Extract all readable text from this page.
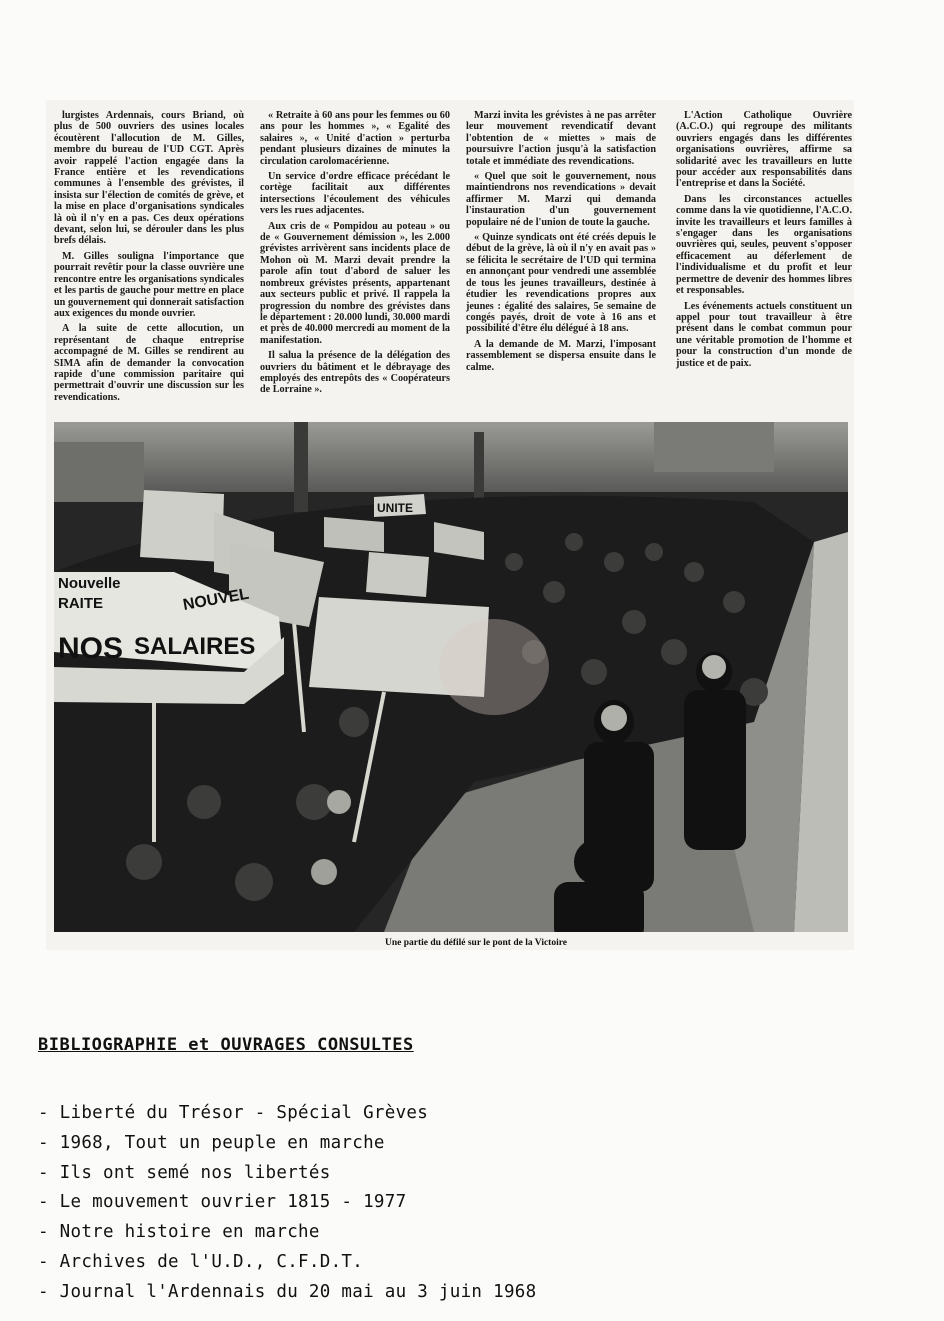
lurgistes Ardennais, cours Briand, où plus de 500 ouvriers des usines locales écoutèrent l'allocution de M. Gilles, membre du bureau de l'UD CGT. Après avoir rappelé l'action engagée dans la France entière et les revendications communes à l'ensemble des grévistes, il insista sur l'élection de comités de grève, et la mise en place d'organisations syndicales là où il n'y en a pas. Ces deux opérations devant, selon lui, se dérouler dans les plus brefs délais.

M. Gilles souligna l'importance que pourrait revêtir pour la classe ouvrière une rencontre entre les organisations syndicales et les partis de gauche pour mettre en place un gouvernement qui donnerait satisfaction aux exigences du monde ouvrier.

A la suite de cette allocution, un représentant de chaque entreprise accompagné de M. Gilles se rendirent au SIMA afin de demander la convocation rapide d'une commission paritaire qui permettrait d'ouvrir une discussion sur les revendications.

« Retraite à 60 ans pour les femmes ou 60 ans pour les hommes », « Egalité des salaires », « Unité d'action » perturba pendant plusieurs dizaines de minutes la circulation carolomacérienne.

Un service d'ordre efficace précédant le cortège facilitait aux différentes intersections l'écoulement des véhicules vers les rues adjacentes.

Aux cris de « Pompidou au poteau » ou de « Gouvernement démission », les 2.000 grévistes arrivèrent sans incidents place de Mohon où M. Marzi devait prendre la parole afin tout d'abord de saluer les nombreux grévistes présents, appartenant aux secteurs public et privé. Il rappela la progression du nombre des grévistes dans le département : 20.000 lundi, 30.000 mardi et près de 40.000 mercredi au moment de la manifestation.

Il salua la présence de la délégation des ouvriers du bâtiment et le débrayage des employés des entrepôts des « Coopérateurs de Lorraine ».

Marzi invita les grévistes à ne pas arrêter leur mouvement revendicatif devant l'obtention de « miettes » mais de poursuivre l'action jusqu'à la satisfaction totale et immédiate des revendications.

« Quel que soit le gouvernement, nous maintiendrons nos revendications » devait affirmer M. Marzi qui demanda l'instauration d'un gouvernement populaire né de l'union de toute la gauche.

« Quinze syndicats ont été créés depuis le début de la grève, là où il n'y en avait pas » se félicita le secrétaire de l'UD qui termina en annonçant pour vendredi une assemblée de tous les jeunes travailleurs, destinée à étudier les revendications propres aux jeunes : égalité des salaires, 5e semaine de congés payés, droit de vote à 16 ans et possibilité d'être élu délégué à 18 ans.

A la demande de M. Marzi, l'imposant rassemblement se dispersa ensuite dans le calme.

L'Action Catholique Ouvrière (A.C.O.) qui regroupe des militants ouvriers engagés dans les différentes organisations ouvrières, affirme sa solidarité avec les travailleurs en lutte pour accéder aux responsabilités dans l'entreprise et dans la Société.

Dans les circonstances actuelles comme dans la vie quotidienne, l'A.C.O. invite les travailleurs et leurs familles à s'engager dans les organisations ouvrières qui, seules, peuvent s'opposer efficacement au déferlement de l'individualisme et du profit et leur permettre de devenir des hommes libres et responsables.

Les événements actuels constituent un appel pour tout travailleur à être présent dans le combat commun pour une véritable promotion de l'homme et pour la construction d'un monde de justice et de paix.

Nouvelle
RAITE	NOUVEL
NOS SALAIRES
UNITE
Une partie du défilé sur le pont de la Victoire
BIBLIOGRAPHIE et OUVRAGES CONSULTES
- Liberté du Trésor - Spécial Grèves
- 1968, Tout un peuple en marche
- Ils ont semé nos libertés
- Le mouvement ouvrier 1815 - 1977
- Notre histoire en marche
- Archives de l'U.D., C.F.D.T.
- Journal l'Ardennais du 20 mai au 3 juin 1968
